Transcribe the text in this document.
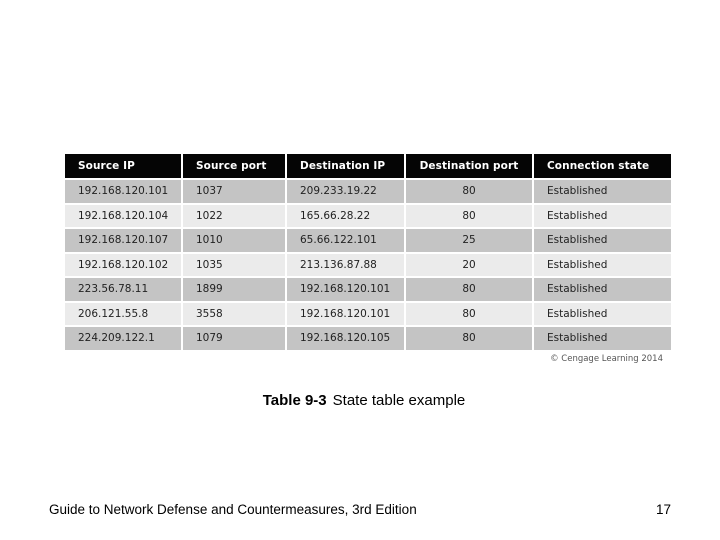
Source IP	Source port	Destination IP	Destination port	Connection state
192.168.120.101	1037	209.233.19.22	80	Established
192.168.120.104	1022	165.66.28.22	80	Established
192.168.120.107	1010	65.66.122.101	25	Established
192.168.120.102	1035	213.136.87.88	20	Established
223.56.78.11	1899	192.168.120.101	80	Established
206.121.55.8	3558	192.168.120.101	80	Established
224.209.122.1	1079	192.168.120.105	80	Established
© Cengage Learning 2014
Table 9-3 State table example
Guide to Network Defense and Countermeasures, 3rd Edition	17
